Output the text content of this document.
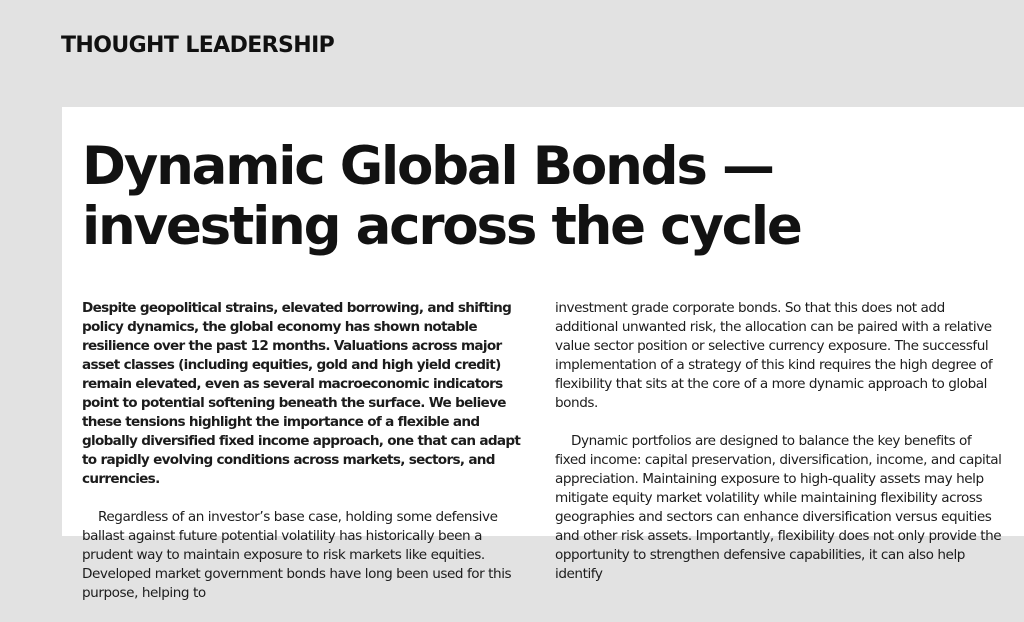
THOUGHT LEADERSHIP
Dynamic Global Bonds —
investing across the cycle

Despite geopolitical strains, elevated borrowing, and shifting policy dynamics, the global economy has shown notable resilience over the past 12 months. Valuations across major asset classes (including equities, gold and high yield credit) remain elevated, even as several macroeconomic indicators point to potential softening beneath the surface. We believe these tensions highlight the importance of a flexible and globally diversified fixed income approach, one that can adapt to rapidly evolving conditions across markets, sectors, and currencies.

Regardless of an investor’s base case, holding some defensive ballast against future potential volatility has historically been a prudent way to maintain exposure to risk markets like equities. Developed market government bonds have long been used for this purpose, helping to

investment grade corporate bonds. So that this does not add additional unwanted risk, the allocation can be paired with a relative value sector position or selective currency exposure. The successful implementation of a strategy of this kind requires the high degree of flexibility that sits at the core of a more dynamic approach to global bonds.

Dynamic portfolios are designed to balance the key benefits of fixed income: capital preservation, diversification, income, and capital appreciation. Maintaining exposure to high-quality assets may help mitigate equity market volatility while maintaining flexibility across geographies and sectors can enhance diversification versus equities and other risk assets. Importantly, flexibility does not only provide the opportunity to strengthen defensive capabilities, it can also help identify
